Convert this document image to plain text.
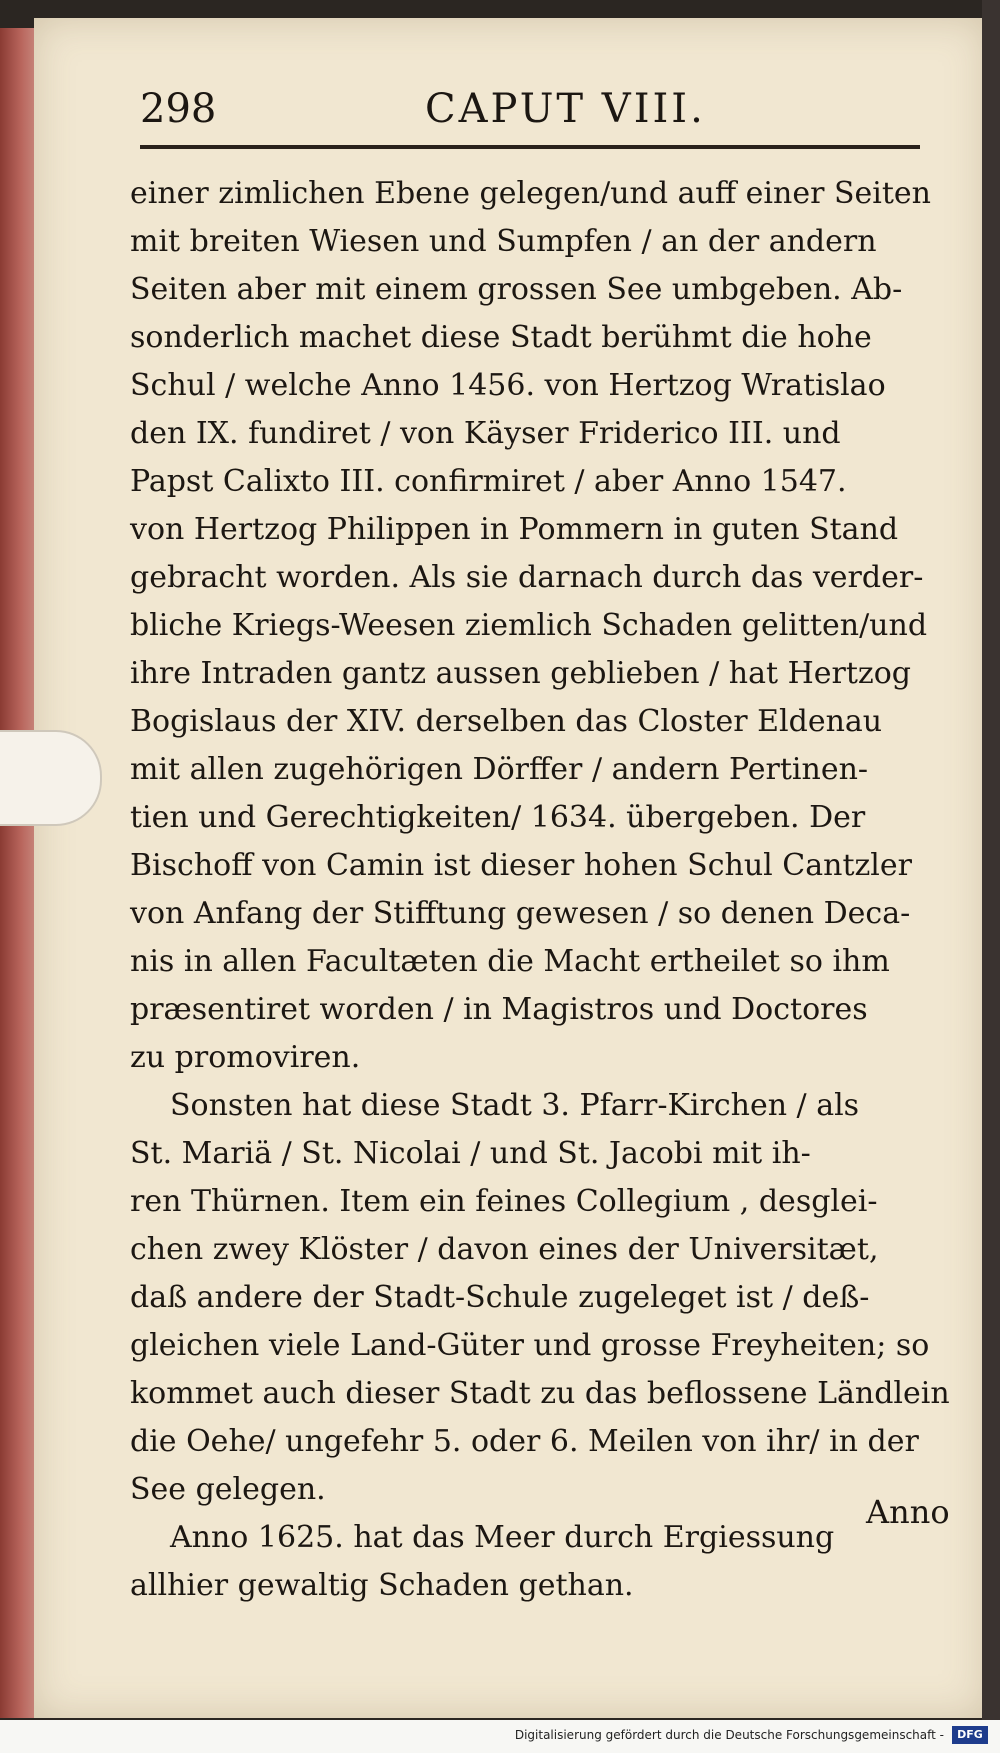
298	CAPUT VIII.
einer zimlichen Ebene gelegen/und auff einer Seiten
mit breiten Wiesen und Sumpfen / an der andern
Seiten aber mit einem grossen See umbgeben. Ab-
sonderlich machet diese Stadt berühmt die hohe
Schul / welche Anno 1456. von Hertzog Wratislao
den IX. fundiret / von Käyser Friderico III. und
Papst Calixto III. confirmiret / aber Anno 1547.
von Hertzog Philippen in Pommern in guten Stand
gebracht worden. Als sie darnach durch das verder-
bliche Kriegs-Weesen ziemlich Schaden gelitten/und
ihre Intraden gantz aussen geblieben / hat Hertzog
Bogislaus der XIV. derselben das Closter Eldenau
mit allen zugehörigen Dörffer / andern Pertinen-
tien und Gerechtigkeiten/ 1634. übergeben. Der
Bischoff von Camin ist dieser hohen Schul Cantzler
von Anfang der Stifftung gewesen / so denen Deca-
nis in allen Facultæten die Macht ertheilet so ihm
præsentiret worden / in Magistros und Doctores
zu promoviren.
Sonsten hat diese Stadt 3. Pfarr-Kirchen / als
St. Mariä / St. Nicolai / und St. Jacobi mit ih-
ren Thürnen. Item ein feines Collegium , desglei-
chen zwey Klöster / davon eines der Universitæt,
daß andere der Stadt-Schule zugeleget ist / deß-
gleichen viele Land-Güter und grosse Freyheiten; so
kommet auch dieser Stadt zu das beflossene Ländlein
die Oehe/ ungefehr 5. oder 6. Meilen von ihr/ in der
See gelegen.
Anno 1625. hat das Meer durch Ergiessung
allhier gewaltig Schaden gethan.
Anno
Digitalisierung gefördert durch die Deutsche Forschungsgemeinschaft -	DFG
